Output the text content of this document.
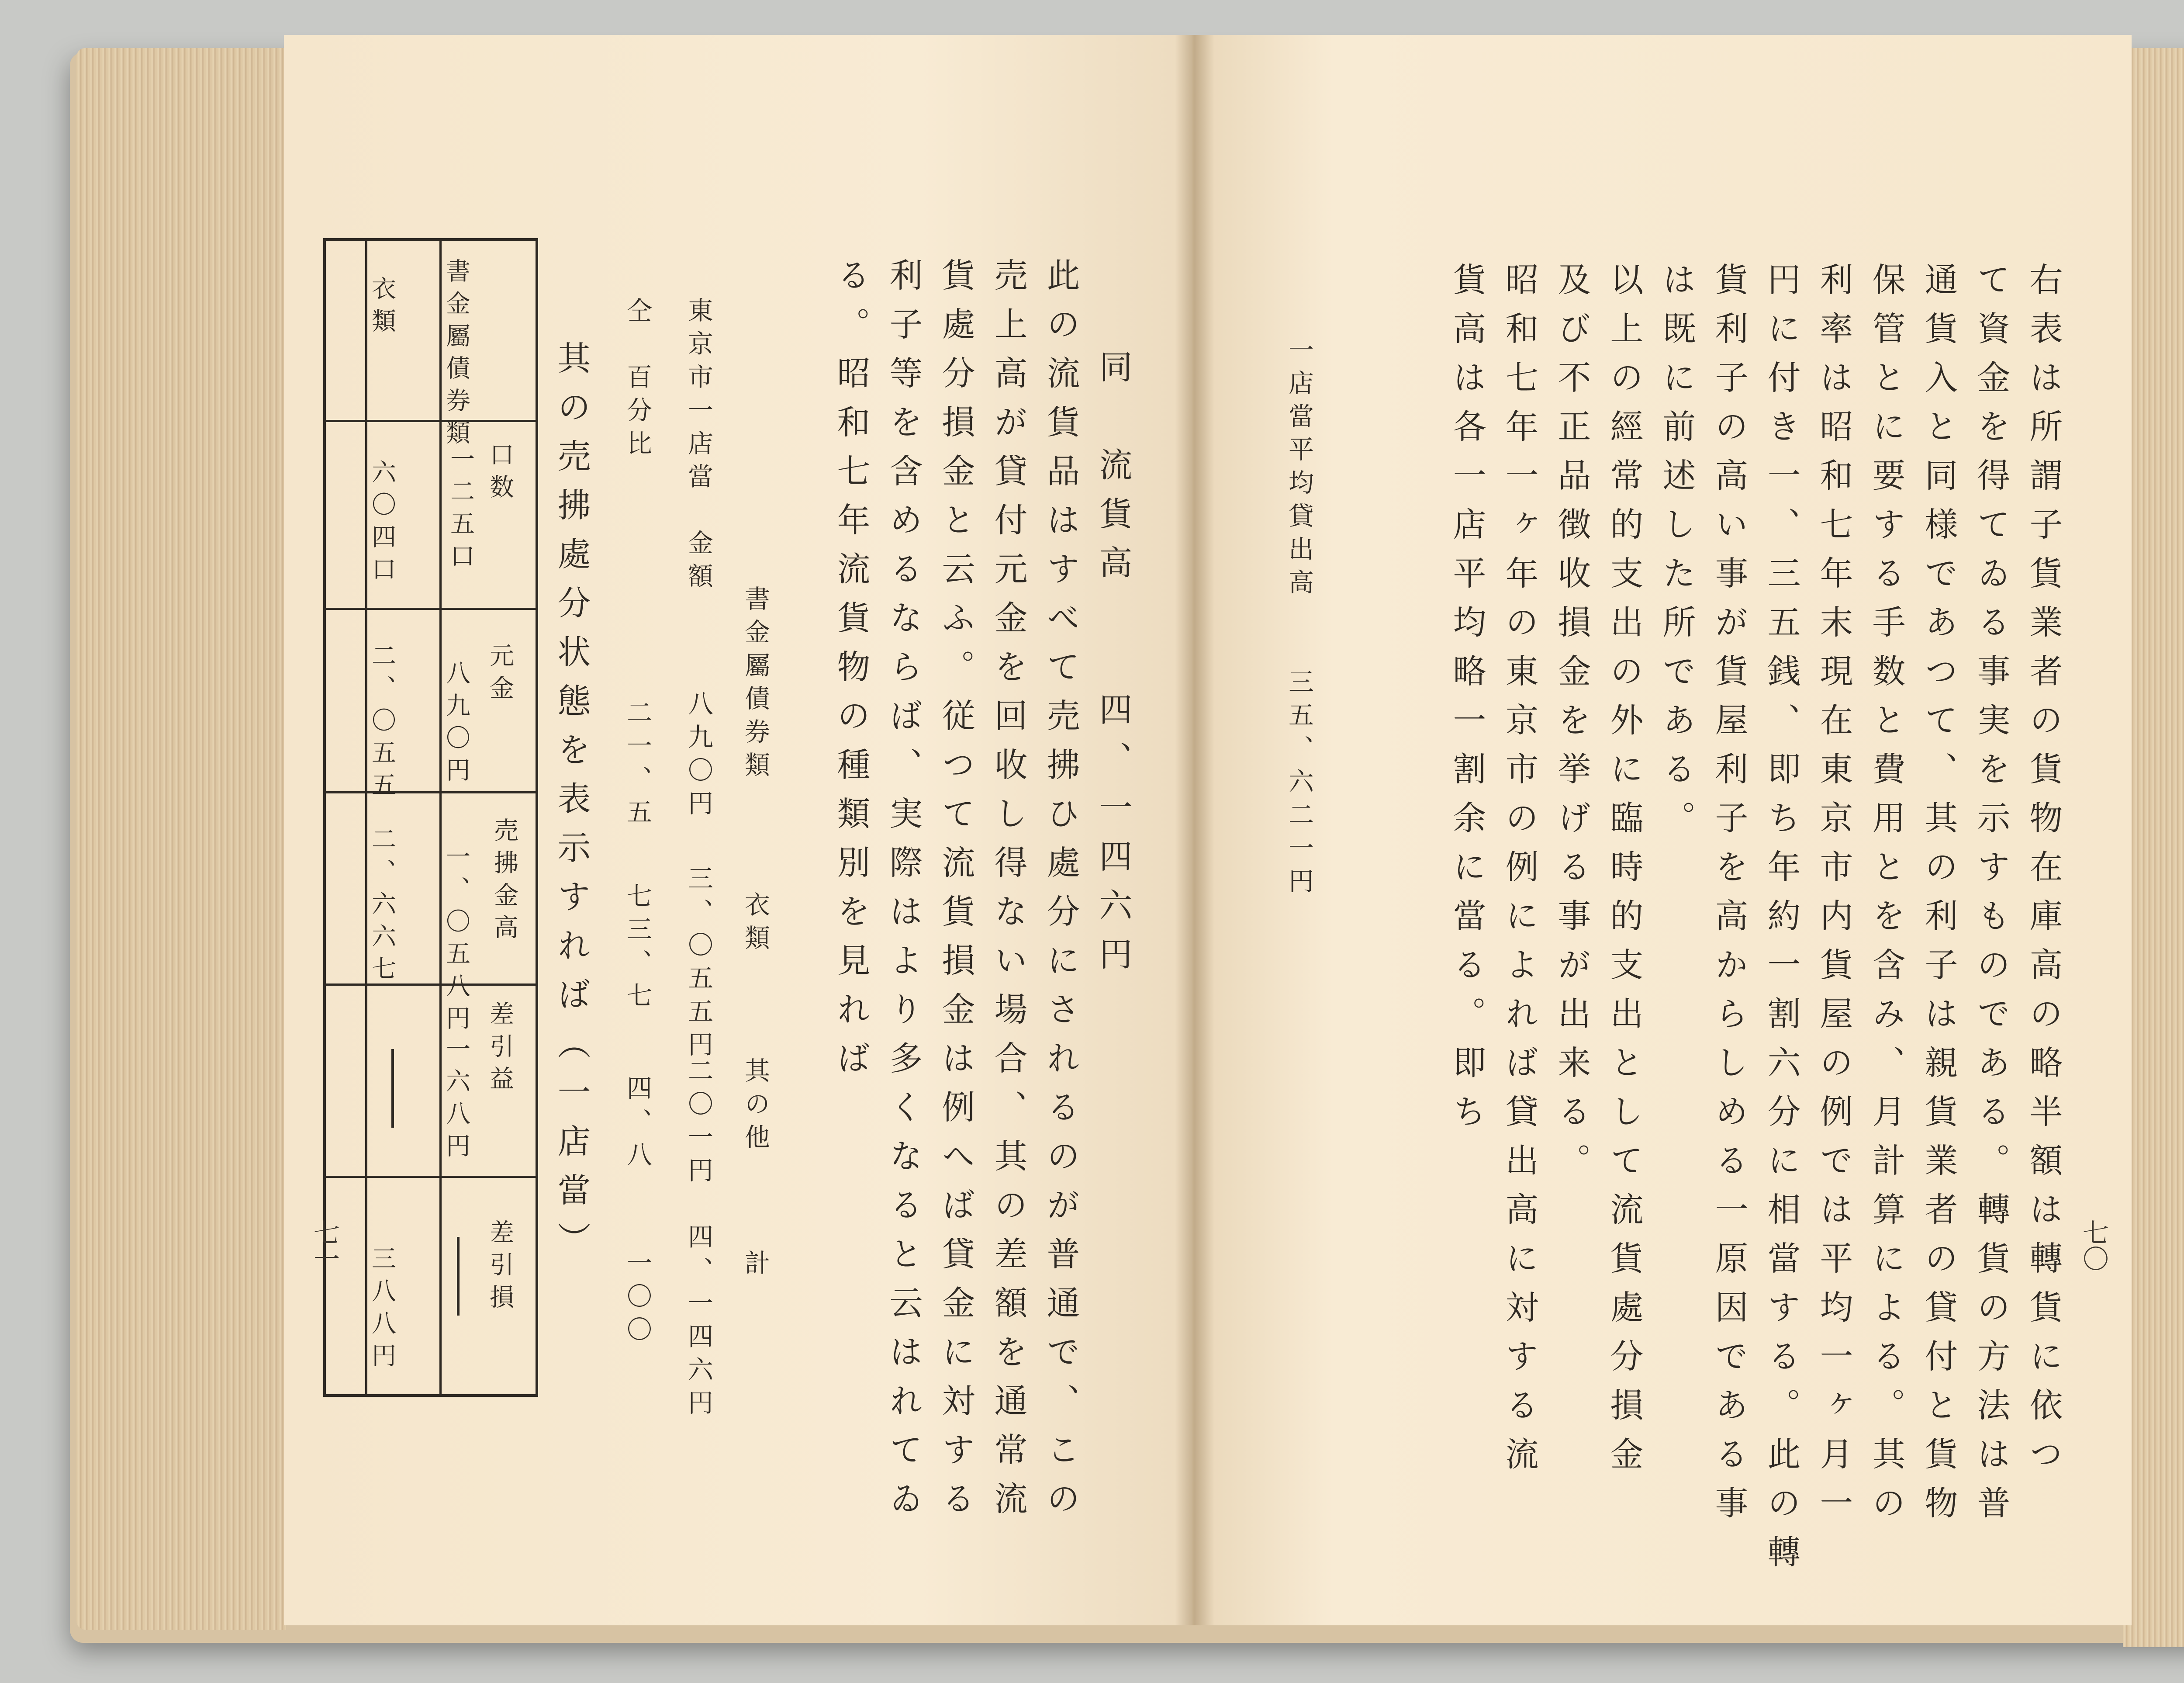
右表は所謂子貨業者の貨物在庫高の略半額は轉貨に依つ
て資金を得てゐる事実を示すものである。轉貨の方法は普
通貨入と同様であつて、其の利子は親貨業者の貸付と貨物
保管とに要する手数と費用とを含み、月計算による。其の
利率は昭和七年末現在東京市内貨屋の例では平均一ヶ月一
円に付き一、三五銭、即ち年約一割六分に相當する。此の轉
貨利子の高い事が貨屋利子を高からしめる一原因である事
は既に前述した所である。
以上の經常的支出の外に臨時的支出として流貨處分損金
及び不正品徴收損金を挙げる事が出来る。
昭和七年一ヶ年の東京市の例によれば貸出高に対する流
貨高は各一店平均略一割余に當る。即ち
一店當平均貸出高　　三五、六二一円
七〇
同　流貨高　　四、一四六円
此の流貨品はすべて売拂ひ處分にされるのが普通で、この
売上高が貸付元金を回收し得ない場合、其の差額を通常流
貨處分損金と云ふ。従つて流貨損金は例へば貸金に対する
利子等を含めるならば、実際はより多くなると云はれてゐ
る。昭和七年流貨物の種類別を見れば
書金屬債券類
衣類
其の他
計
東京市一店當　金額
八九〇円
三、〇五五円
二〇一円
四、一四六円
仝　百分比
二一、五
七三、七
四、八
一〇〇
其の売拂處分状態を表示すれば（一店當）
口数
元金
売拂金高
差引益
差引損
書金屬債券類
一二五口
八九〇円
一、〇五八円
一六八円
衣類
六〇四口
二、〇五五
二、六六七
三八八円
七一
